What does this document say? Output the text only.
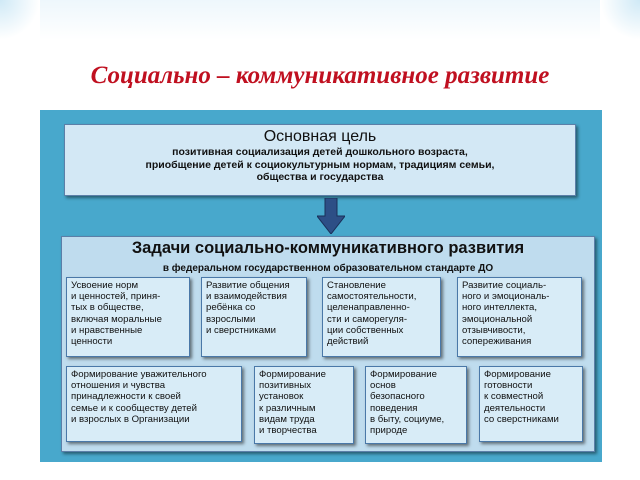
Социально – коммуникативное развитие
Основная цель
позитивная социализация детей дошкольного возраста,
приобщение детей к социокультурным нормам, традициям семьи,
общества и государства
Задачи социально-коммуникативного развития
в федеральном государственном образовательном стандарте ДО
Усвоение норм
и ценностей, приня-
тых в обществе,
включая моральные
и нравственные
ценности
Развитие общения
и взаимодействия
ребёнка со
взрослыми
и сверстниками
Становление
самостоятельности,
целенаправленно-
сти и саморегуля-
ции собственных
действий
Развитие социаль-
ного и эмоциональ-
ного интеллекта,
эмоциональной
отзывчивости,
сопереживания
Формирование уважительного
отношения и чувства
принадлежности к своей
семье и к сообществу детей
и взрослых в Организации
Формирование
позитивных
установок
к различным
видам труда
и творчества
Формирование
основ
безопасного
поведения
в быту, социуме,
природе
Формирование
готовности
к совместной
деятельности
со сверстниками
